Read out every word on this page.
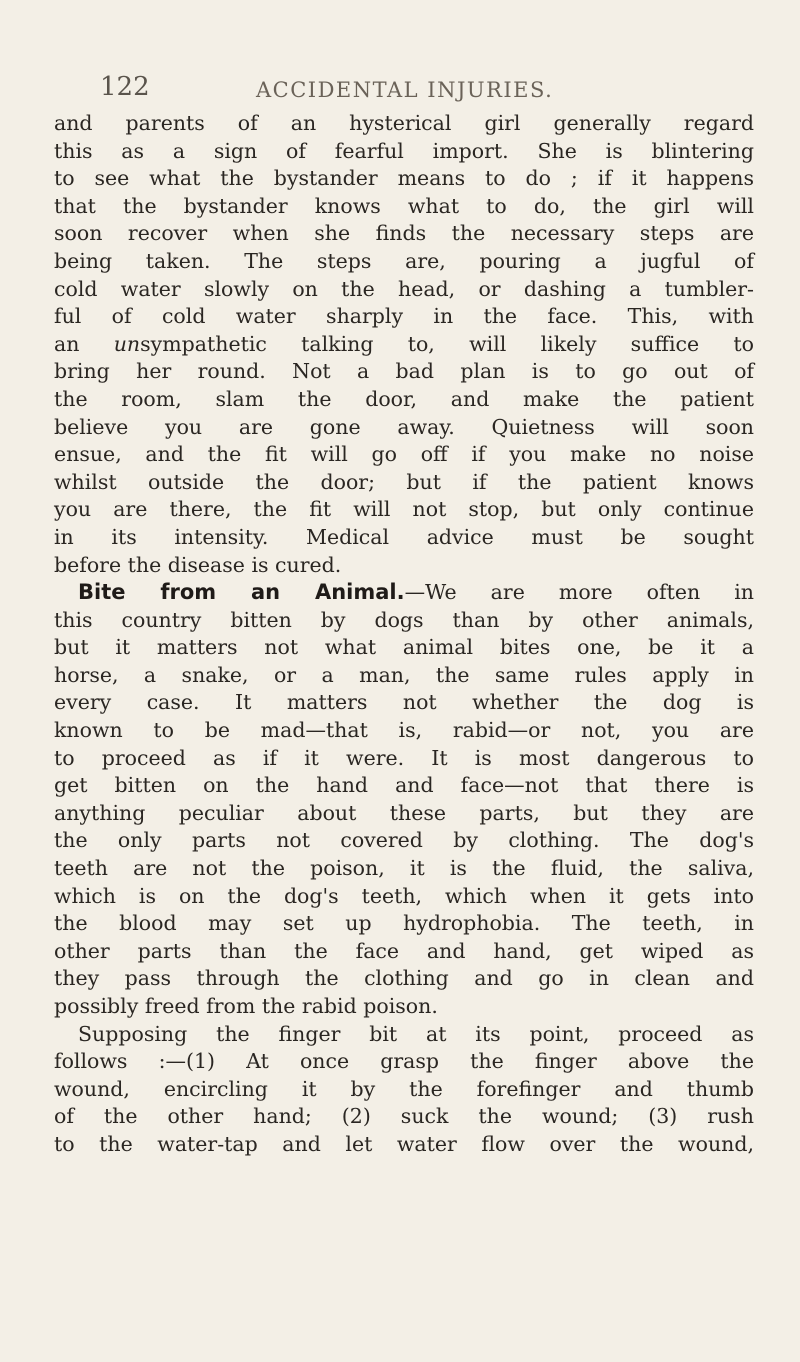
122	ACCIDENTAL INJURIES.
and parents of an hysterical girl generally regard
this as a sign of fearful import. She is blintering
to see what the bystander means to do ; if it happens
that the bystander knows what to do, the girl will
soon recover when she finds the necessary steps are
being taken. The steps are, pouring a jugful of
cold water slowly on the head, or dashing a tumbler-
ful of cold water sharply in the face. This, with
an unsympathetic talking to, will likely suffice to
bring her round. Not a bad plan is to go out of
the room, slam the door, and make the patient
believe you are gone away. Quietness will soon
ensue, and the fit will go off if you make no noise
whilst outside the door; but if the patient knows
you are there, the fit will not stop, but only continue
in its intensity. Medical advice must be sought
before the disease is cured.
Bite from an Animal.—We are more often in
this country bitten by dogs than by other animals,
but it matters not what animal bites one, be it a
horse, a snake, or a man, the same rules apply in
every case. It matters not whether the dog is
known to be mad—that is, rabid—or not, you are
to proceed as if it were. It is most dangerous to
get bitten on the hand and face—not that there is
anything peculiar about these parts, but they are
the only parts not covered by clothing. The dog's
teeth are not the poison, it is the fluid, the saliva,
which is on the dog's teeth, which when it gets into
the blood may set up hydrophobia. The teeth, in
other parts than the face and hand, get wiped as
they pass through the clothing and go in clean and
possibly freed from the rabid poison.
Supposing the finger bit at its point, proceed as
follows :—(1) At once grasp the finger above the
wound, encircling it by the forefinger and thumb
of the other hand; (2) suck the wound; (3) rush
to the water-tap and let water flow over the wound,
